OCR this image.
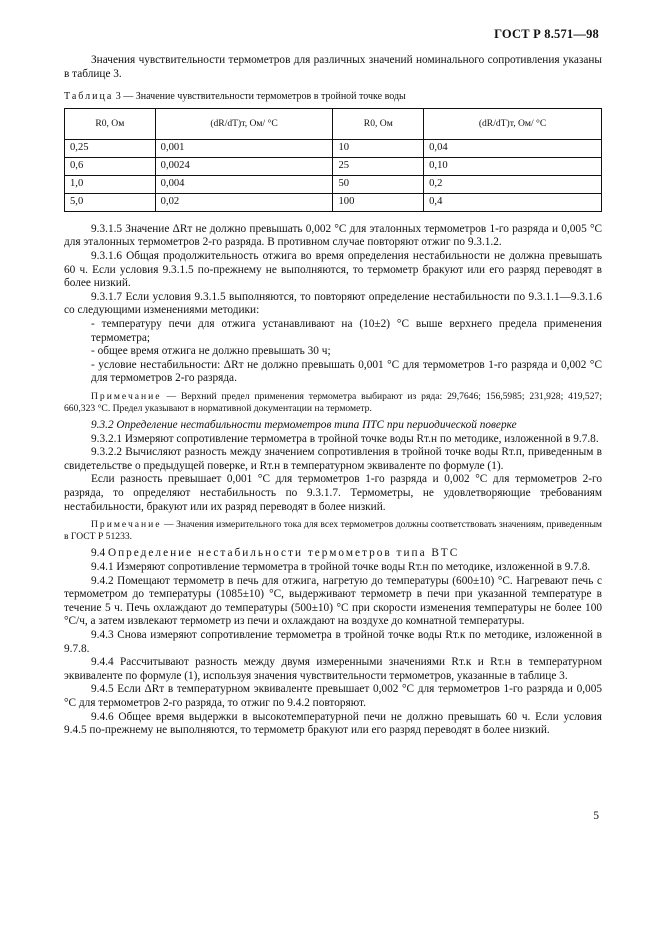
ГОСТ Р 8.571—98

Значения чувствительности термометров для различных значений номинального сопротивления указаны в таблице 3.

Таблица 3 — Значение чувствительности термометров в тройной точке воды
R0, Ом	(dR/dT)т, Ом/ °С	R0, Ом	(dR/dT)т, Ом/ °С
0,25	0,001	10	0,04
0,6	0,0024	25	0,10
1,0	0,004	50	0,2
5,0	0,02	100	0,4

9.3.1.5 Значение ΔRт не должно превышать 0,002 °С для эталонных термометров 1-го разряда и 0,005 °С для эталонных термометров 2-го разряда. В противном случае повторяют отжиг по 9.3.1.2.

9.3.1.6 Общая продолжительность отжига во время определения нестабильности не должна превышать 60 ч. Если условия 9.3.1.5 по-прежнему не выполняются, то термометр бракуют или его разряд переводят в более низкий.

9.3.1.7 Если условия 9.3.1.5 выполняются, то повторяют определение нестабильности по 9.3.1.1—9.3.1.6 со следующими изменениями методики:

- температуру печи для отжига устанавливают на (10±2) °С выше верхнего предела применения термометра;

- общее время отжига не должно превышать 30 ч;

- условие нестабильности: ΔRт не должно превышать 0,001 °С для термометров 1-го разряда и 0,002 °С для термометров 2-го разряда.

Примечание — Верхний предел применения термометра выбирают из ряда: 29,7646; 156,5985; 231,928; 419,527; 660,323 °С. Предел указывают в нормативной документации на термометр.

9.3.2 Определение нестабильности термометров типа ПТС при периодической поверке

9.3.2.1 Измеряют сопротивление термометра в тройной точке воды Rт.н по методике, изложенной в 9.7.8.

9.3.2.2 Вычисляют разность между значением сопротивления в тройной точке воды Rт.п, приведенным в свидетельстве о предыдущей поверке, и Rт.н в температурном эквиваленте по формуле (1).

Если разность превышает 0,001 °С для термометров 1-го разряда и 0,002 °С для термометров 2-го разряда, то определяют нестабильность по 9.3.1.7. Термометры, не удовлетворяющие требованиям нестабильности, бракуют или их разряд переводят в более низкий.

Примечание — Значения измерительного тока для всех термометров должны соответствовать значениям, приведенным в ГОСТ Р 51233.

9.4 Определение нестабильности термометров типа ВТС

9.4.1 Измеряют сопротивление термометра в тройной точке воды Rт.н по методике, изложенной в 9.7.8.

9.4.2 Помещают термометр в печь для отжига, нагретую до температуры (600±10) °С. Нагревают печь с термометром до температуры (1085±10) °С, выдерживают термометр в печи при указанной температуре в течение 5 ч. Печь охлаждают до температуры (500±10) °С при скорости изменения температуры не более 100 °С/ч, а затем извлекают термометр из печи и охлаждают на воздухе до комнатной температуры.

9.4.3 Снова измеряют сопротивление термометра в тройной точке воды Rт.к по методике, изложенной в 9.7.8.

9.4.4 Рассчитывают разность между двумя измеренными значениями Rт.к и Rт.н в температурном эквиваленте по формуле (1), используя значения чувствительности термометров, указанные в таблице 3.

9.4.5 Если ΔRт в температурном эквиваленте превышает 0,002 °С для термометров 1-го разряда и 0,005 °С для термометров 2-го разряда, то отжиг по 9.4.2 повторяют.

9.4.6 Общее время выдержки в высокотемпературной печи не должно превышать 60 ч. Если условия 9.4.5 по-прежнему не выполняются, то термометр бракуют или его разряд переводят в более низкий.

5
